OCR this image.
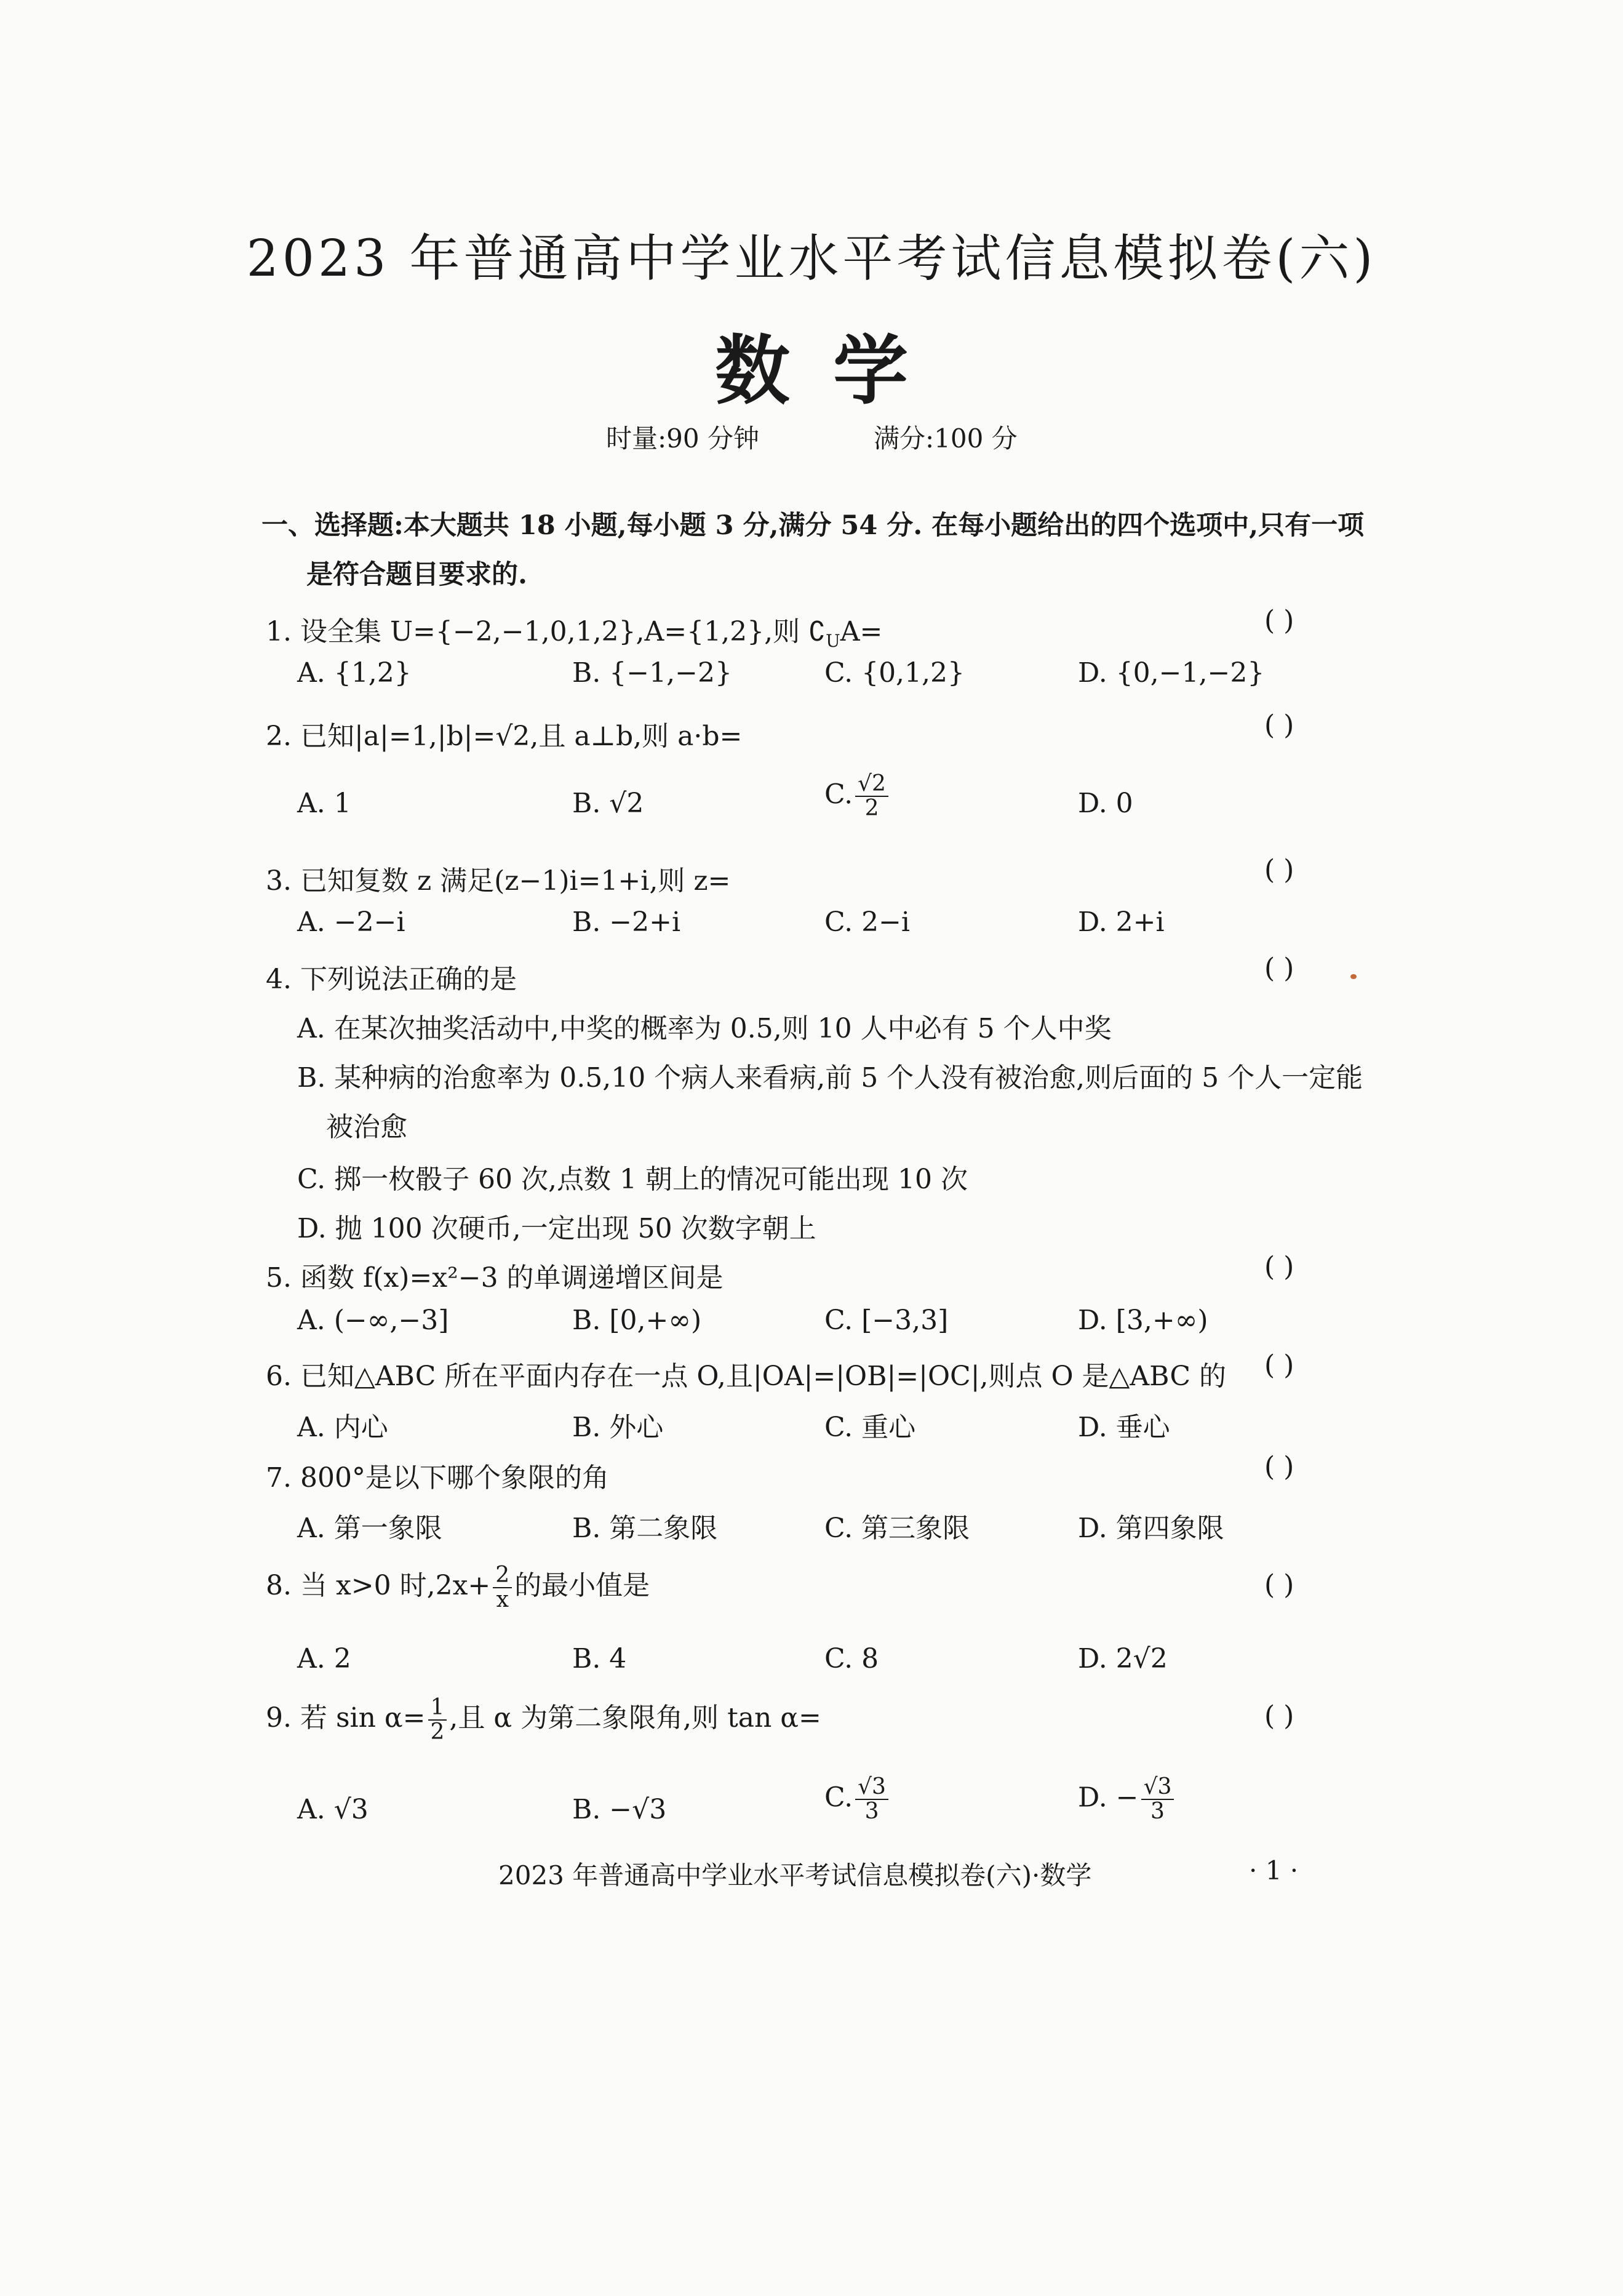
2023 年普通高中学业水平考试信息模拟卷(六)
数学
时量:90 分钟	满分:100 分
一、选择题:本大题共 18 小题,每小题 3 分,满分 54 分. 在每小题给出的四个选项中,只有一项
是符合题目要求的.
1. 设全集 U={−2,−1,0,1,2},A={1,2},则 $∁_UA=$	( )
A. {1,2}	B. {−1,−2}	C. {0,1,2}	D. {0,−1,−2}
2. 已知|a|=1,|b|=√2,且 a⊥b,则 a·b=	( )
A. 1	B. √2	C. $\frac{√2}{2}$	D. 0
3. 已知复数 z 满足(z−1)i=1+i,则 z=	( )
A. −2−i	B. −2+i	C. 2−i	D. 2+i
4. 下列说法正确的是	( )
A. 在某次抽奖活动中,中奖的概率为 0.5,则 10 人中必有 5 个人中奖
B. 某种病的治愈率为 0.5,10 个病人来看病,前 5 个人没有被治愈,则后面的 5 个人一定能
被治愈
C. 掷一枚骰子 60 次,点数 1 朝上的情况可能出现 10 次
D. 抛 100 次硬币,一定出现 50 次数字朝上
5. 函数 f(x)=x²−3 的单调递增区间是	( )
A. (−∞,−3]	B. [0,+∞)	C. [−3,3]	D. [3,+∞)
6. 已知△ABC 所在平面内存在一点 O,且|OA|=|OB|=|OC|,则点 O 是△ABC 的 ( )
A. 内心	B. 外心	C. 重心	D. 垂心
7. 800°是以下哪个象限的角	( )
A. 第一象限	B. 第二象限	C. 第三象限	D. 第四象限
8. 当 x>0 时$,2x+ \frac{2}{x}$ 的最小值是	( )
A. 2	B. 4	C. 8	D. 2√2
9. 若 $\sin \alpha= \frac{1}{2}$ ,且 α 为第二象限角,则 tan α=	( )
A. √3	B. −√3	C. $\frac{√3}{3}$	D. − $\frac{√3}{3}$
2023 年普通高中学业水平考试信息模拟卷(六)·数学	· 1 ·
